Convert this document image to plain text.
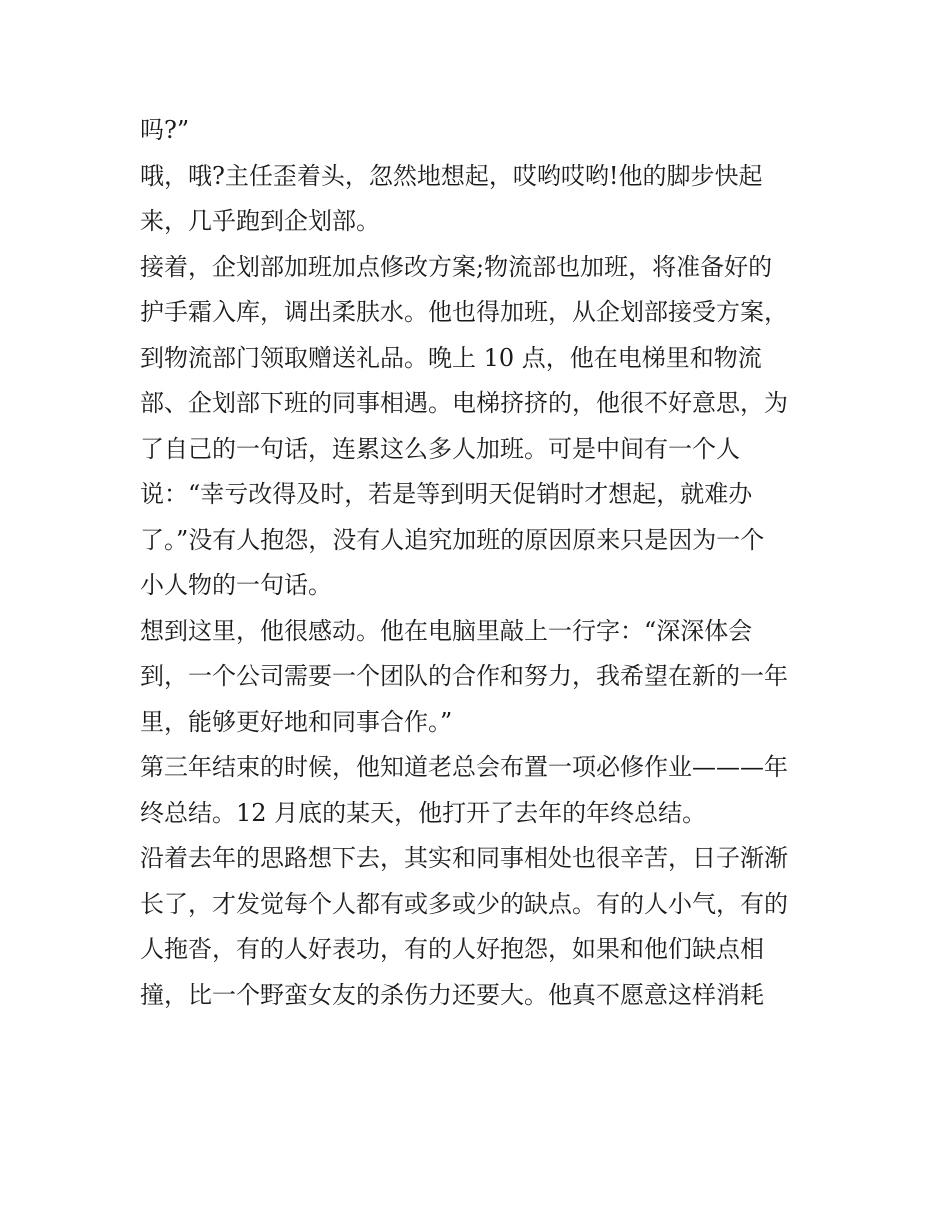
吗?”
哦，哦?主任歪着头，忽然地想起，哎哟哎哟!他的脚步快起
来，几乎跑到企划部。
接着，企划部加班加点修改方案;物流部也加班，将准备好的
护手霜入库，调出柔肤水。他也得加班，从企划部接受方案，
到物流部门领取赠送礼品。晚上 10 点，他在电梯里和物流
部、企划部下班的同事相遇。电梯挤挤的，他很不好意思，为
了自己的一句话，连累这么多人加班。可是中间有一个人
说：“幸亏改得及时，若是等到明天促销时才想起，就难办
了。”没有人抱怨，没有人追究加班的原因原来只是因为一个
小人物的一句话。
想到这里，他很感动。他在电脑里敲上一行字：“深深体会
到，一个公司需要一个团队的合作和努力，我希望在新的一年
里，能够更好地和同事合作。”
第三年结束的时候，他知道老总会布置一项必修作业———年
终总结。12 月底的某天，他打开了去年的年终总结。
沿着去年的思路想下去，其实和同事相处也很辛苦，日子渐渐
长了，才发觉每个人都有或多或少的缺点。有的人小气，有的
人拖沓，有的人好表功，有的人好抱怨，如果和他们缺点相
撞，比一个野蛮女友的杀伤力还要大。他真不愿意这样消耗
